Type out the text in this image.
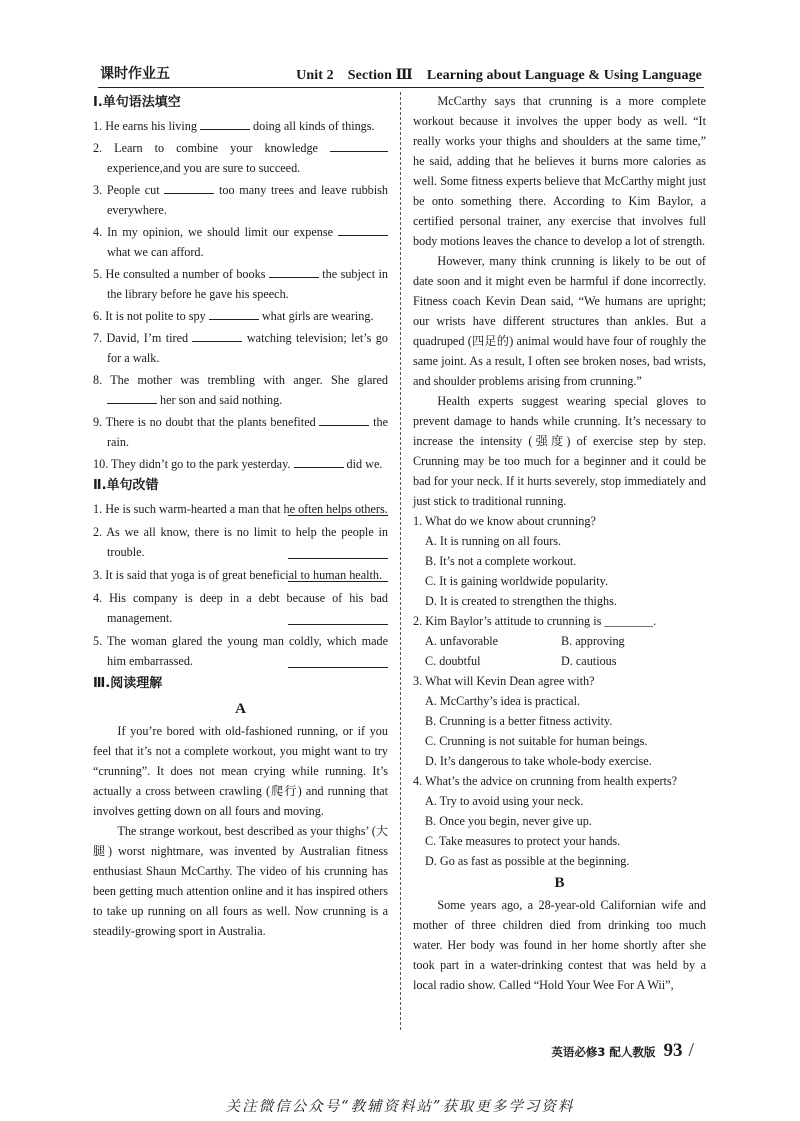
课时作业五	Unit 2　Section Ⅲ　Learning about Language & Using Language
Ⅰ.单句语法填空
1. He earns his living	doing all kinds of things.
2. Learn to combine your knowledge  experience,and you are sure to succeed.
3. People cut	too many trees and leave rubbish everywhere.
4. In my opinion, we should limit our expense  what we can afford.
5. He consulted a number of books	the subject in the library before he gave his speech.
6. It is not polite to spy	what girls are wearing.
7. David, I’m tired	watching television; let’s go for a walk.
8. The mother was trembling with anger. She glared  her son and said nothing.
9. There is no doubt that the plants benefited	the rain.
10. They didn’t go to the park yesterday.	did we.
Ⅱ.单句改错
1. He is such warm-hearted a man that he often helps others.
2. As we all know, there is no limit to help the people in trouble.
3. It is said that yoga is of great beneficial to human health.
4. His company is deep in a debt because of his bad management.
5. The woman glared the young man coldly, which made him embarrassed.
Ⅲ.阅读理解
A

If you’re bored with old-fashioned running, or if you feel that it’s not a complete workout, you might want to try “crunning”. It does not mean crying while running. It’s actually a cross between crawling (爬行) and running that involves getting down on all fours and moving.

The strange workout, best described as your thighs’ (大腿) worst nightmare, was invented by Australian fitness enthusiast Shaun McCarthy. The video of his crunning has been getting much attention online and it has inspired others to take up running on all fours as well. Now crunning is a steadily-growing sport in Australia.

McCarthy says that crunning is a more complete workout because it involves the upper body as well. “It really works your thighs and shoulders at the same time,” he said, adding that he believes it burns more calories as well. Some fitness experts believe that McCarthy might just be onto something there. According to Kim Baylor, a certified personal trainer, any exercise that involves full body motions leaves the chance to develop a lot of strength.

However, many think crunning is likely to be out of date soon and it might even be harmful if done incorrectly. Fitness coach Kevin Dean said, “We humans are upright; our wrists have different structures than ankles. But a quadruped (四足的) animal would have four of roughly the same joint. As a result, I often see broken noses, bad wrists, and shoulder problems arising from crunning.”

Health experts suggest wearing special gloves to prevent damage to hands while crunning. It’s necessary to increase the intensity (强度) of exercise step by step. Crunning may be too much for a beginner and it could be bad for your neck. If it hurts severely, stop immediately and just stick to traditional running.

1. What do we know about crunning?
A. It is running on all fours.
B. It’s not a complete workout.
C. It is gaining worldwide popularity.
D. It is created to strengthen the thighs.
2. Kim Baylor’s attitude to crunning is ________.
A. unfavorable	B. approving
C. doubtful	D. cautious
3. What will Kevin Dean agree with?
A. McCarthy’s idea is practical.
B. Crunning is a better fitness activity.
C. Crunning is not suitable for human beings.
D. It’s dangerous to take whole-body exercise.
4. What’s the advice on crunning from health experts?
A. Try to avoid using your neck.
B. Once you begin, never give up.
C. Take measures to protect your hands.
D. Go as fast as possible at the beginning.
B

Some years ago, a 28-year-old Californian wife and mother of three children died from drinking too much water. Her body was found in her home shortly after she took part in a water-drinking contest that was held by a local radio show. Called “Hold Your Wee For A Wii”,

英语必修3 配人教版 93 /
关注微信公众号“教辅资料站”获取更多学习资料
